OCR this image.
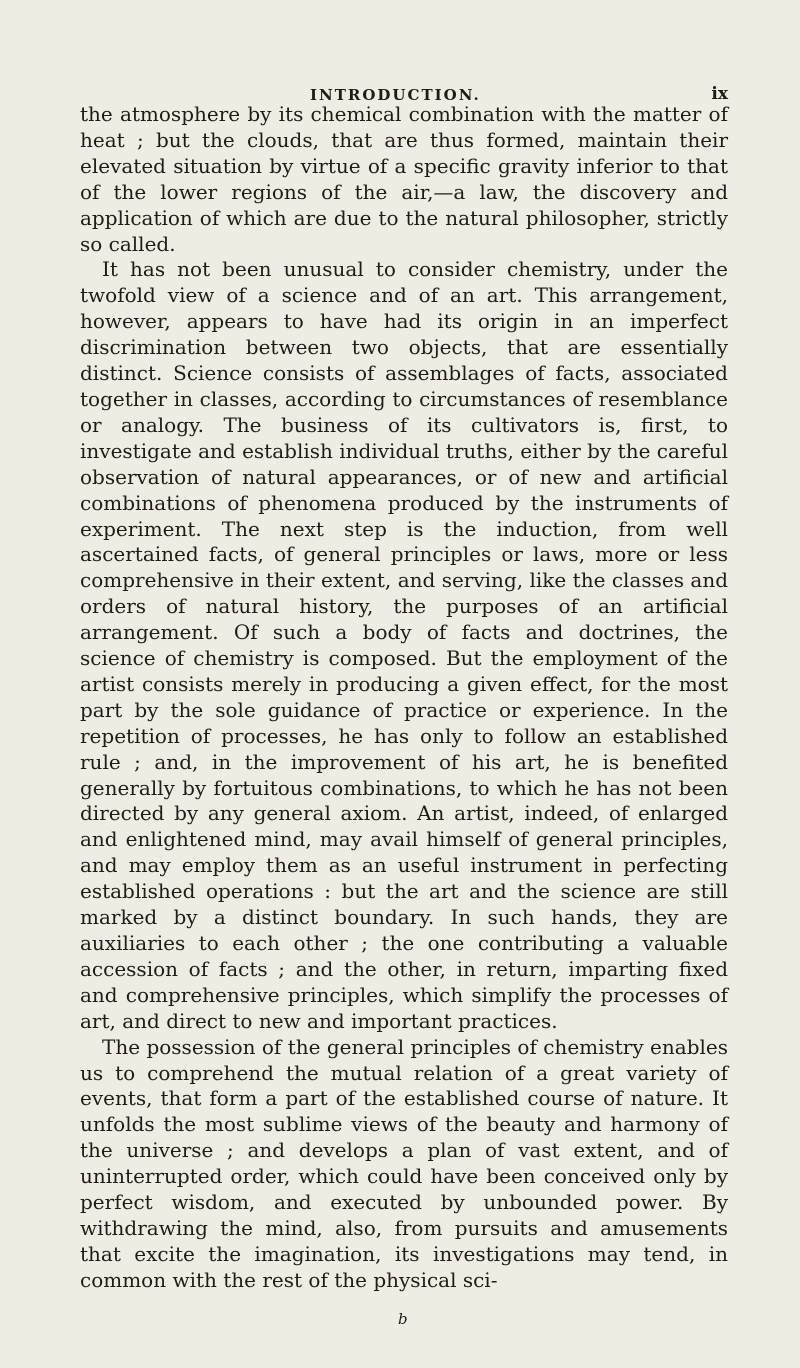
INTRODUCTION.	ix

the atmosphere by its chemical combination with the matter of heat ; but the clouds, that are thus formed, maintain their elevated situation by virtue of a specific gravity inferior to that of the lower regions of the air,—a law, the discovery and application of which are due to the natural philosopher, strictly so called.

It has not been unusual to consider chemistry, under the twofold view of a science and of an art. This arrangement, however, appears to have had its origin in an imperfect discrimination between two objects, that are essentially distinct. Science consists of assemblages of facts, associated together in classes, according to circumstances of resemblance or analogy. The business of its cultivators is, first, to investigate and establish individual truths, either by the careful observation of natural appearances, or of new and artificial combinations of phenomena produced by the instruments of experiment. The next step is the induction, from well ascertained facts, of general principles or laws, more or less comprehensive in their extent, and serving, like the classes and orders of natural history, the purposes of an artificial arrangement. Of such a body of facts and doctrines, the science of chemistry is composed. But the employment of the artist consists merely in producing a given effect, for the most part by the sole guidance of practice or experience. In the repetition of processes, he has only to follow an established rule ; and, in the improvement of his art, he is benefited generally by fortuitous combinations, to which he has not been directed by any general axiom. An artist, indeed, of enlarged and enlightened mind, may avail himself of general principles, and may employ them as an useful instrument in perfecting established operations : but the art and the science are still marked by a distinct boundary. In such hands, they are auxiliaries to each other ; the one contributing a valuable accession of facts ; and the other, in return, imparting fixed and comprehensive principles, which simplify the processes of art, and direct to new and important practices.

The possession of the general principles of chemistry enables us to comprehend the mutual relation of a great variety of events, that form a part of the established course of nature. It unfolds the most sublime views of the beauty and harmony of the universe ; and develops a plan of vast extent, and of uninterrupted order, which could have been conceived only by perfect wisdom, and executed by unbounded power. By withdrawing the mind, also, from pursuits and amusements that excite the imagination, its investigations may tend, in common with the rest of the physical sci-

b
